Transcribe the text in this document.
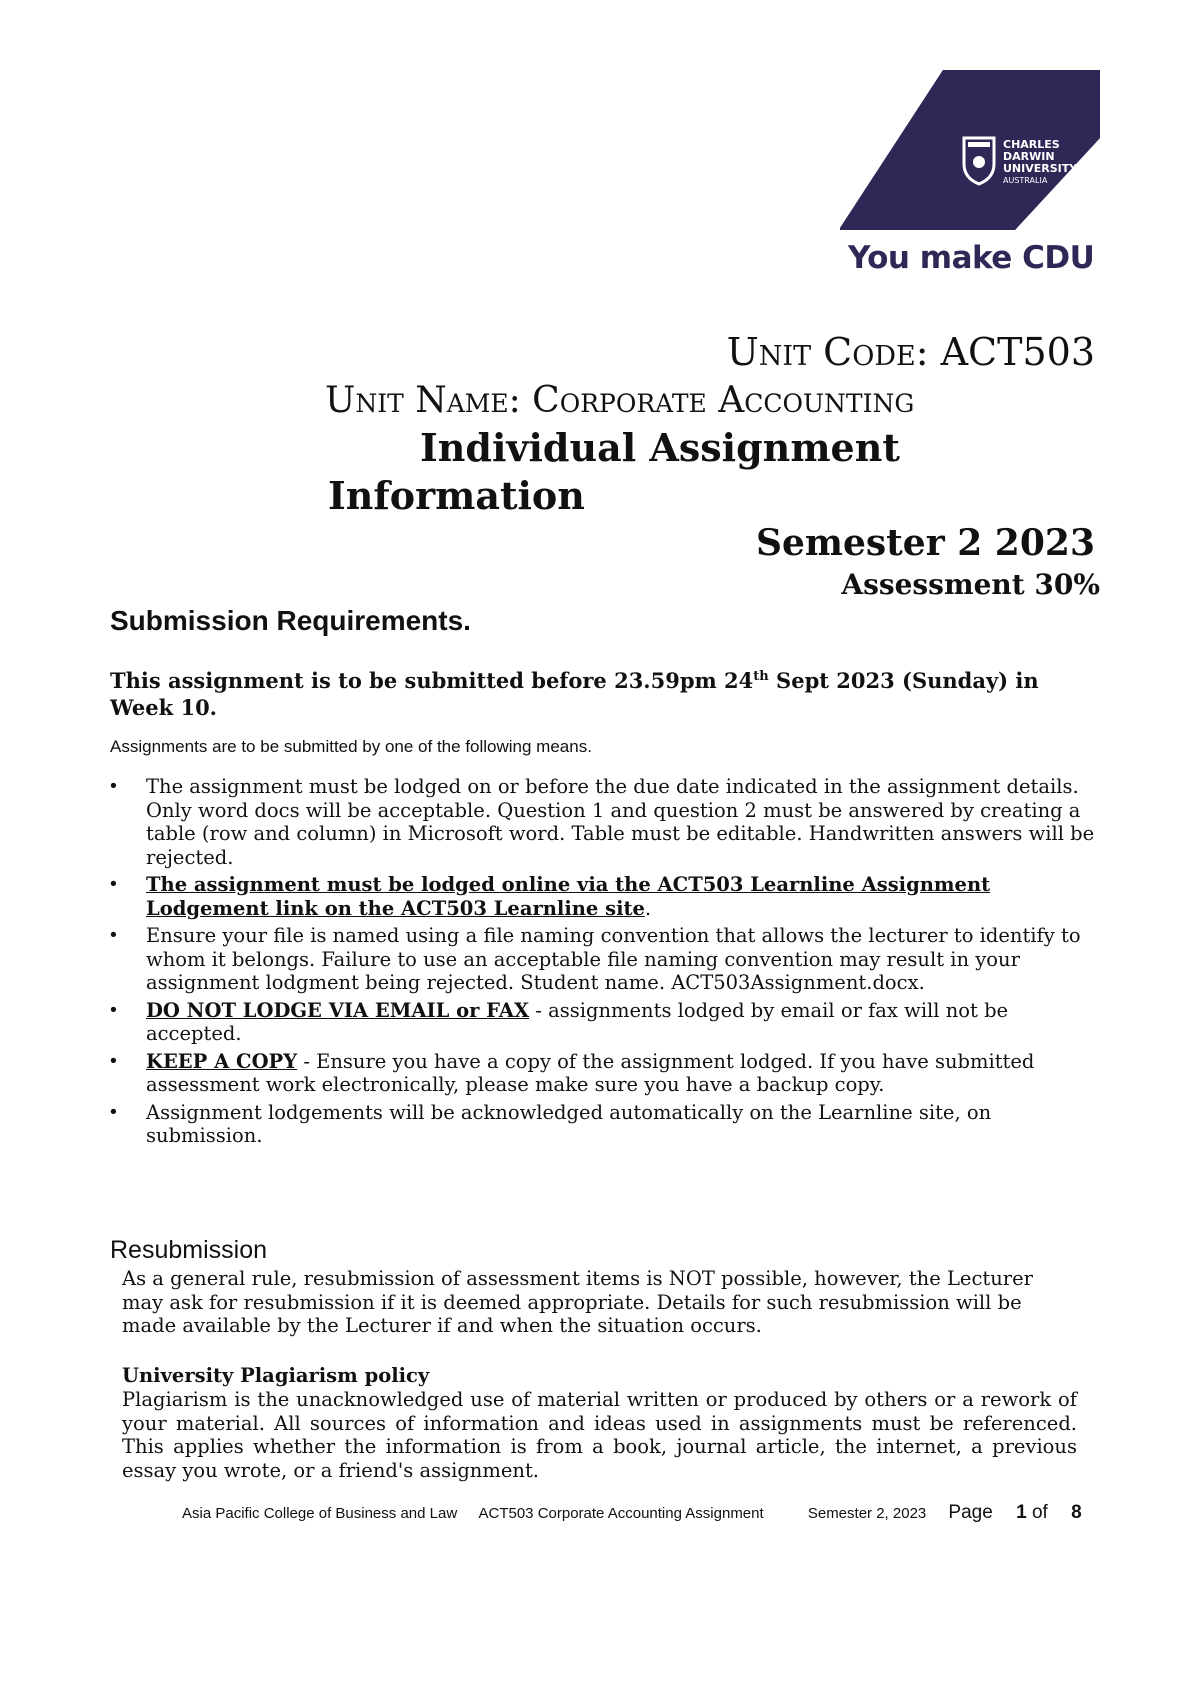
CHARLES
DARWIN
UNIVERSITY
AUSTRALIA
You make CDU
Unit Code: ACT503
Unit Name: Corporate Accounting
Individual Assignment
Information
Semester 2 2023
Assessment 30%
Submission Requirements.
This assignment is to be submitted before 23.59pm 24th Sept 2023 (Sunday) in Week 10.
Assignments are to be submitted by one of the following means.
• The assignment must be lodged on or before the due date indicated in the assignment details.
Only word docs will be acceptable. Question 1 and question 2 must be answered by creating a table (row and column) in Microsoft word. Table must be editable. Handwritten answers will be rejected.
• The assignment must be lodged online via the ACT503 Learnline Assignment Lodgement link on the ACT503 Learnline site.
• Ensure your file is named using a file naming convention that allows the lecturer to identify to whom it belongs. Failure to use an acceptable file naming convention may result in your assignment lodgment being rejected. Student name. ACT503Assignment.docx.
• DO NOT LODGE VIA EMAIL or FAX - assignments lodged by email or fax will not be accepted.
• KEEP A COPY - Ensure you have a copy of the assignment lodged. If you have submitted assessment work electronically, please make sure you have a backup copy.
• Assignment lodgements will be acknowledged automatically on the Learnline site, on submission.
Resubmission
As a general rule, resubmission of assessment items is NOT possible, however, the Lecturer may ask for resubmission if it is deemed appropriate. Details for such resubmission will be made available by the Lecturer if and when the situation occurs.
University Plagiarism policy
Plagiarism is the unacknowledged use of material written or produced by others or a rework of your material. All sources of information and ideas used in assignments must be referenced. This applies whether the information is from a book, journal article, the internet, a previous essay you wrote, or a friend's assignment.
Asia Pacific College of Business and Law ACT503 Corporate Accounting Assignment	Semester 2, 2023 Page 1 of 8
